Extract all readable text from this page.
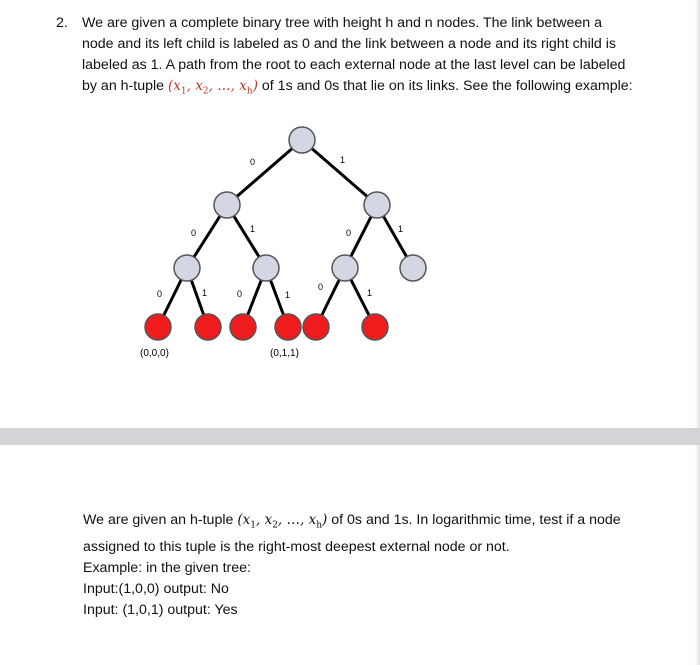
2. We are given a complete binary tree with height h and n nodes. The link between a
node and its left child is labeled as 0 and the link between a node and its right child is
labeled as 1. A path from the root to each external node at the last level can be labeled
by an h-tuple ($x_1$, $x_2$, …, $x_h$) of 1s and 0s that lie on its links. See the following example:
0	1
0	1	0	1
0	1	0	1
0
1
(0,0,0)	(0,1,1)

We are given an h-tuple ($x_1$, $x_2$, …, $x_h$) of 0s and 1s. In logarithmic time, test if a node

assigned to this tuple is the right-most deepest external node or not.

Example: in the given tree:

Input:(1,0,0) output: No

Input: (1,0,1) output: Yes
